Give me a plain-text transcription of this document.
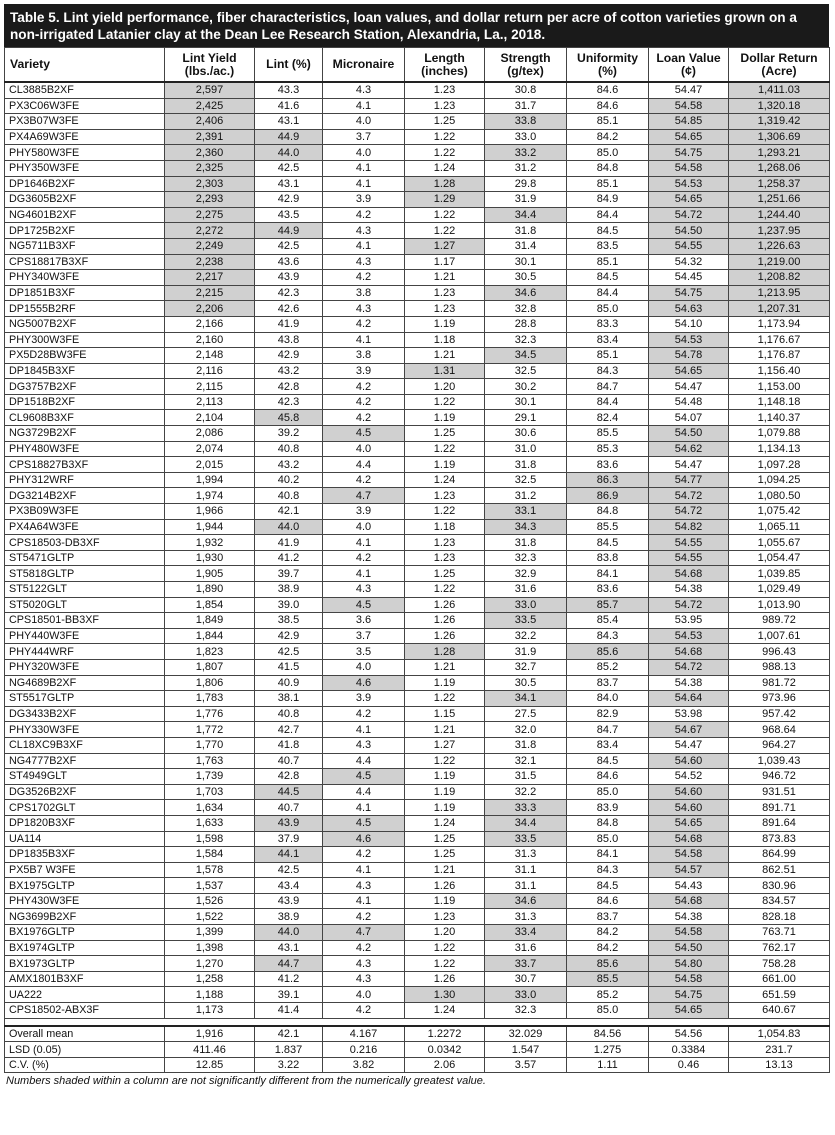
Table 5. Lint yield performance, fiber characteristics, loan values, and dollar return per acre of cotton varieties grown on a non-irrigated Latanier clay at the Dean Lee Research Station, Alexandria, La., 2018.
Variety	Lint Yield (lbs./ac.)	Lint (%)	Micronaire	Length (inches)	Strength (g/tex)	Uniformity (%)	Loan Value (¢)	Dollar Return (Acre)
CL3885B2XF	2,597	43.3	4.3	1.23	30.8	84.6	54.47	1,411.03
PX3C06W3FE	2,425	41.6	4.1	1.23	31.7	84.6	54.58	1,320.18
PX3B07W3FE	2,406	43.1	4.0	1.25	33.8	85.1	54.85	1,319.42
PX4A69W3FE	2,391	44.9	3.7	1.22	33.0	84.2	54.65	1,306.69
PHY580W3FE	2,360	44.0	4.0	1.22	33.2	85.0	54.75	1,293.21
PHY350W3FE	2,325	42.5	4.1	1.24	31.2	84.8	54.58	1,268.06
DP1646B2XF	2,303	43.1	4.1	1.28	29.8	85.1	54.53	1,258.37
DG3605B2XF	2,293	42.9	3.9	1.29	31.9	84.9	54.65	1,251.66
NG4601B2XF	2,275	43.5	4.2	1.22	34.4	84.4	54.72	1,244.40
DP1725B2XF	2,272	44.9	4.3	1.22	31.8	84.5	54.50	1,237.95
NG5711B3XF	2,249	42.5	4.1	1.27	31.4	83.5	54.55	1,226.63
CPS18817B3XF	2,238	43.6	4.3	1.17	30.1	85.1	54.32	1,219.00
PHY340W3FE	2,217	43.9	4.2	1.21	30.5	84.5	54.45	1,208.82
DP1851B3XF	2,215	42.3	3.8	1.23	34.6	84.4	54.75	1,213.95
DP1555B2RF	2,206	42.6	4.3	1.23	32.8	85.0	54.63	1,207.31
NG5007B2XF	2,166	41.9	4.2	1.19	28.8	83.3	54.10	1,173.94
PHY300W3FE	2,160	43.8	4.1	1.18	32.3	83.4	54.53	1,176.67
PX5D28BW3FE	2,148	42.9	3.8	1.21	34.5	85.1	54.78	1,176.87
DP1845B3XF	2,116	43.2	3.9	1.31	32.5	84.3	54.65	1,156.40
DG3757B2XF	2,115	42.8	4.2	1.20	30.2	84.7	54.47	1,153.00
DP1518B2XF	2,113	42.3	4.2	1.22	30.1	84.4	54.48	1,148.18
CL9608B3XF	2,104	45.8	4.2	1.19	29.1	82.4	54.07	1,140.37
NG3729B2XF	2,086	39.2	4.5	1.25	30.6	85.5	54.50	1,079.88
PHY480W3FE	2,074	40.8	4.0	1.22	31.0	85.3	54.62	1,134.13
CPS18827B3XF	2,015	43.2	4.4	1.19	31.8	83.6	54.47	1,097.28
PHY312WRF	1,994	40.2	4.2	1.24	32.5	86.3	54.77	1,094.25
DG3214B2XF	1,974	40.8	4.7	1.23	31.2	86.9	54.72	1,080.50
PX3B09W3FE	1,966	42.1	3.9	1.22	33.1	84.8	54.72	1,075.42
PX4A64W3FE	1,944	44.0	4.0	1.18	34.3	85.5	54.82	1,065.11
CPS18503-DB3XF	1,932	41.9	4.1	1.23	31.8	84.5	54.55	1,055.67
ST5471GLTP	1,930	41.2	4.2	1.23	32.3	83.8	54.55	1,054.47
ST5818GLTP	1,905	39.7	4.1	1.25	32.9	84.1	54.68	1,039.85
ST5122GLT	1,890	38.9	4.3	1.22	31.6	83.6	54.38	1,029.49
ST5020GLT	1,854	39.0	4.5	1.26	33.0	85.7	54.72	1,013.90
CPS18501-BB3XF	1,849	38.5	3.6	1.26	33.5	85.4	53.95	989.72
PHY440W3FE	1,844	42.9	3.7	1.26	32.2	84.3	54.53	1,007.61
PHY444WRF	1,823	42.5	3.5	1.28	31.9	85.6	54.68	996.43
PHY320W3FE	1,807	41.5	4.0	1.21	32.7	85.2	54.72	988.13
NG4689B2XF	1,806	40.9	4.6	1.19	30.5	83.7	54.38	981.72
ST5517GLTP	1,783	38.1	3.9	1.22	34.1	84.0	54.64	973.96
DG3433B2XF	1,776	40.8	4.2	1.15	27.5	82.9	53.98	957.42
PHY330W3FE	1,772	42.7	4.1	1.21	32.0	84.7	54.67	968.64
CL18XC9B3XF	1,770	41.8	4.3	1.27	31.8	83.4	54.47	964.27
NG4777B2XF	1,763	40.7	4.4	1.22	32.1	84.5	54.60	1,039.43
ST4949GLT	1,739	42.8	4.5	1.19	31.5	84.6	54.52	946.72
DG3526B2XF	1,703	44.5	4.4	1.19	32.2	85.0	54.60	931.51
CPS1702GLT	1,634	40.7	4.1	1.19	33.3	83.9	54.60	891.71
DP1820B3XF	1,633	43.9	4.5	1.24	34.4	84.8	54.65	891.64
UA114	1,598	37.9	4.6	1.25	33.5	85.0	54.68	873.83
DP1835B3XF	1,584	44.1	4.2	1.25	31.3	84.1	54.58	864.99
PX5B7 W3FE	1,578	42.5	4.1	1.21	31.1	84.3	54.57	862.51
BX1975GLTP	1,537	43.4	4.3	1.26	31.1	84.5	54.43	830.96
PHY430W3FE	1,526	43.9	4.1	1.19	34.6	84.6	54.68	834.57
NG3699B2XF	1,522	38.9	4.2	1.23	31.3	83.7	54.38	828.18
BX1976GLTP	1,399	44.0	4.7	1.20	33.4	84.2	54.58	763.71
BX1974GLTP	1,398	43.1	4.2	1.22	31.6	84.2	54.50	762.17
BX1973GLTP	1,270	44.7	4.3	1.22	33.7	85.6	54.80	758.28
AMX1801B3XF	1,258	41.2	4.3	1.26	30.7	85.5	54.58	661.00
UA222	1,188	39.1	4.0	1.30	33.0	85.2	54.75	651.59
CPS18502-ABX3F	1,173	41.4	4.2	1.24	32.3	85.0	54.65	640.67

Overall mean	1,916	42.1	4.167	1.2272	32.029	84.56	54.56	1,054.83
LSD (0.05)	411.46	1.837	0.216	0.0342	1.547	1.275	0.3384	231.7
C.V. (%)	12.85	3.22	3.82	2.06	3.57	1.11	0.46	13.13
Numbers shaded within a column are not significantly different from the numerically greatest value.
